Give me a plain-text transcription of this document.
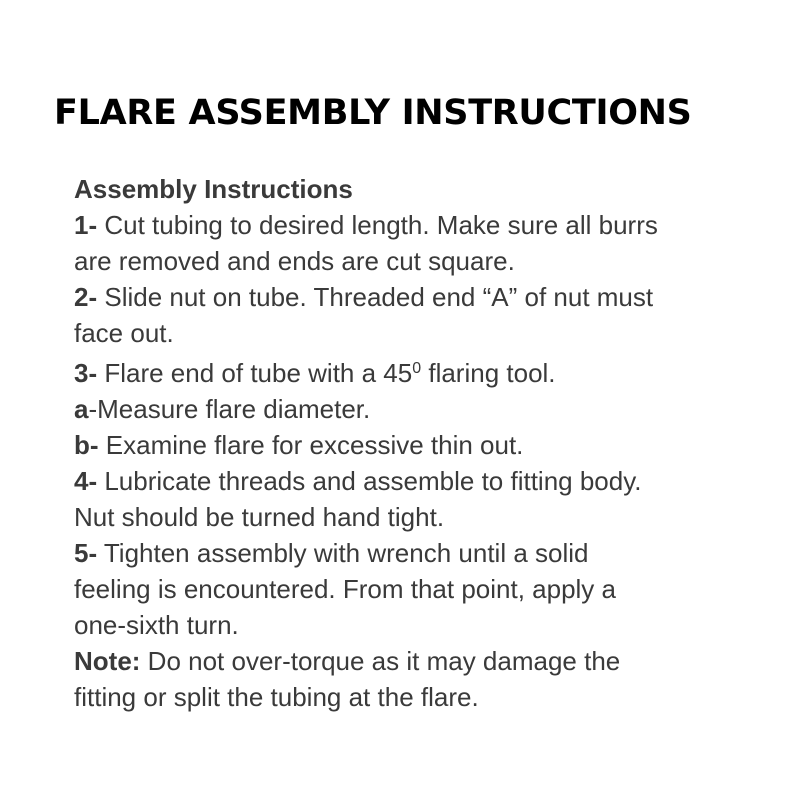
FLARE ASSEMBLY INSTRUCTIONS

Assembly Instructions

1- Cut tubing to desired length. Make sure all burrs

are removed and ends are cut square.

2- Slide nut on tube. Threaded end “A” of nut must

face out.

3- Flare end of tube with a $45^0$ flaring tool.

a-Measure flare diameter.

b- Examine flare for excessive thin out.

4- Lubricate threads and assemble to fitting body.

Nut should be turned hand tight.

5- Tighten assembly with wrench until a solid

feeling is encountered. From that point, apply a

one-sixth turn.

Note: Do not over-torque as it may damage the

fitting or split the tubing at the flare.
